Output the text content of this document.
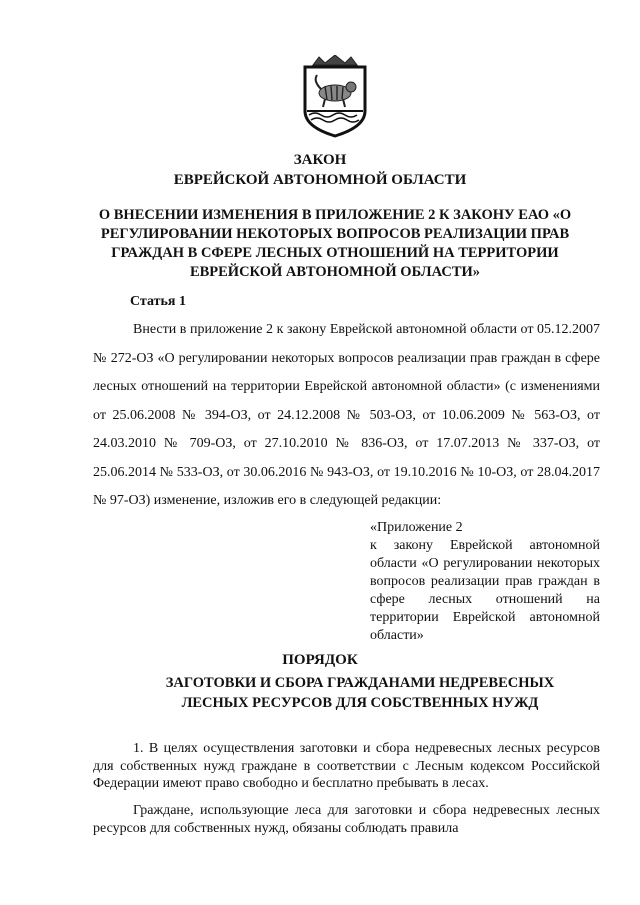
ЗАКОН
ЕВРЕЙСКОЙ АВТОНОМНОЙ ОБЛАСТИ
О ВНЕСЕНИИ ИЗМЕНЕНИЯ В ПРИЛОЖЕНИЕ 2 К ЗАКОНУ ЕАО «О РЕГУЛИРОВАНИИ НЕКОТОРЫХ ВОПРОСОВ РЕАЛИЗАЦИИ ПРАВ ГРАЖДАН В СФЕРЕ ЛЕСНЫХ ОТНОШЕНИЙ НА ТЕРРИТОРИИ ЕВРЕЙСКОЙ АВТОНОМНОЙ ОБЛАСТИ»
Статья 1

Внести в приложение 2 к закону Еврейской автономной области от 05.12.2007 № 272-ОЗ «О регулировании некоторых вопросов реализации прав граждан в сфере лесных отношений на территории Еврейской автономной области» (с изменениями от 25.06.2008 № 394-ОЗ, от 24.12.2008 № 503-ОЗ, от 10.06.2009 № 563-ОЗ, от 24.03.2010 № 709-ОЗ, от 27.10.2010 № 836-ОЗ, от 17.07.2013 № 337-ОЗ, от 25.06.2014 № 533-ОЗ, от 30.06.2016 № 943-ОЗ, от 19.10.2016 № 10-ОЗ, от 28.04.2017 № 97-ОЗ) изменение, изложив его в следующей редакции:

«Приложение 2
к закону Еврейской автономной области «О регулировании некоторых вопросов реализации прав граждан в сфере лесных отношений на территории Еврейской автономной области»
ПОРЯДОК
ЗАГОТОВКИ И СБОРА ГРАЖДАНАМИ НЕДРЕВЕСНЫХ ЛЕСНЫХ РЕСУРСОВ ДЛЯ СОБСТВЕННЫХ НУЖД

1. В целях осуществления заготовки и сбора недревесных лесных ресурсов для собственных нужд граждане в соответствии с Лесным кодексом Российской Федерации имеют право свободно и бесплатно пребывать в лесах.

Граждане, использующие леса для заготовки и сбора недревесных лесных ресурсов для собственных нужд, обязаны соблюдать правила
